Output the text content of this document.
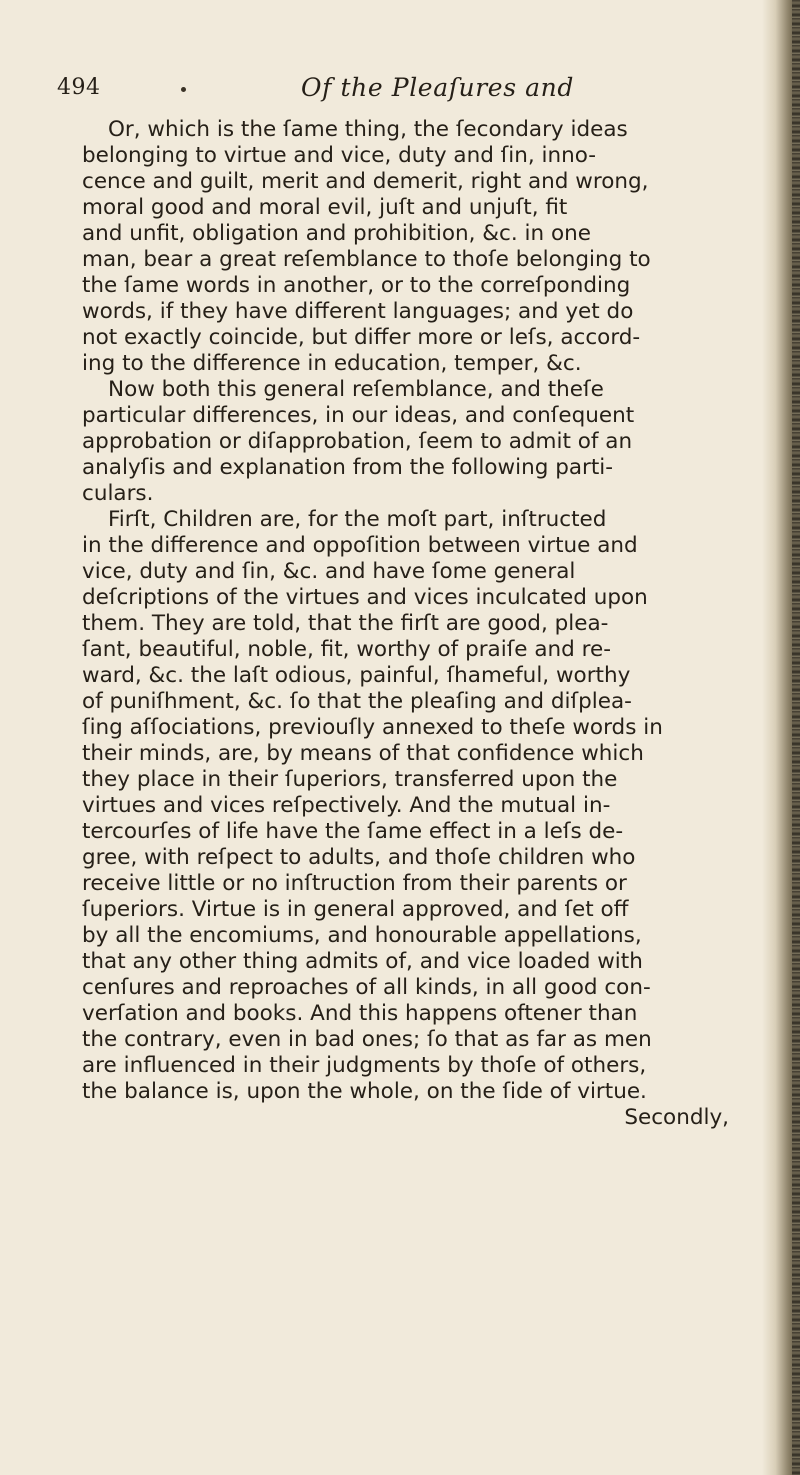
494	Of the Pleaſures and
Or, which is the ſame thing, the ſecondary ideas
belonging to virtue and vice, duty and ſin, inno-
cence and guilt, merit and demerit, right and wrong,
moral good and moral evil, juſt and unjuſt, fit
and unfit, obligation and prohibition, &c. in one
man, bear a great reſemblance to thoſe belonging to
the ſame words in another, or to the correſponding
words, if they have different languages; and yet do
not exactly coincide, but differ more or leſs, accord-
ing to the difference in education, temper, &c.
Now both this general reſemblance, and theſe
particular differences, in our ideas, and conſequent
approbation or diſapprobation, ſeem to admit of an
analyſis and explanation from the following parti-
culars.
Firſt, Children are, for the moſt part, inſtructed
in the difference and oppoſition between virtue and
vice, duty and ſin, &c. and have ſome general
deſcriptions of the virtues and vices inculcated upon
them. They are told, that the firſt are good, plea-
ſant, beautiful, noble, fit, worthy of praiſe and re-
ward, &c. the laſt odious, painful, ſhameful, worthy
of puniſhment, &c. ſo that the pleaſing and diſplea-
ſing aſſociations, previouſly annexed to theſe words in
their minds, are, by means of that confidence which
they place in their ſuperiors, transferred upon the
virtues and vices reſpectively. And the mutual in-
tercourſes of life have the ſame effect in a leſs de-
gree, with reſpect to adults, and thoſe children who
receive little or no inſtruction from their parents or
ſuperiors. Virtue is in general approved, and ſet off
by all the encomiums, and honourable appellations,
that any other thing admits of, and vice loaded with
cenſures and reproaches of all kinds, in all good con-
verſation and books. And this happens oftener than
the contrary, even in bad ones; ſo that as far as men
are influenced in their judgments by thoſe of others,
the balance is, upon the whole, on the ſide of virtue.
Secondly,
